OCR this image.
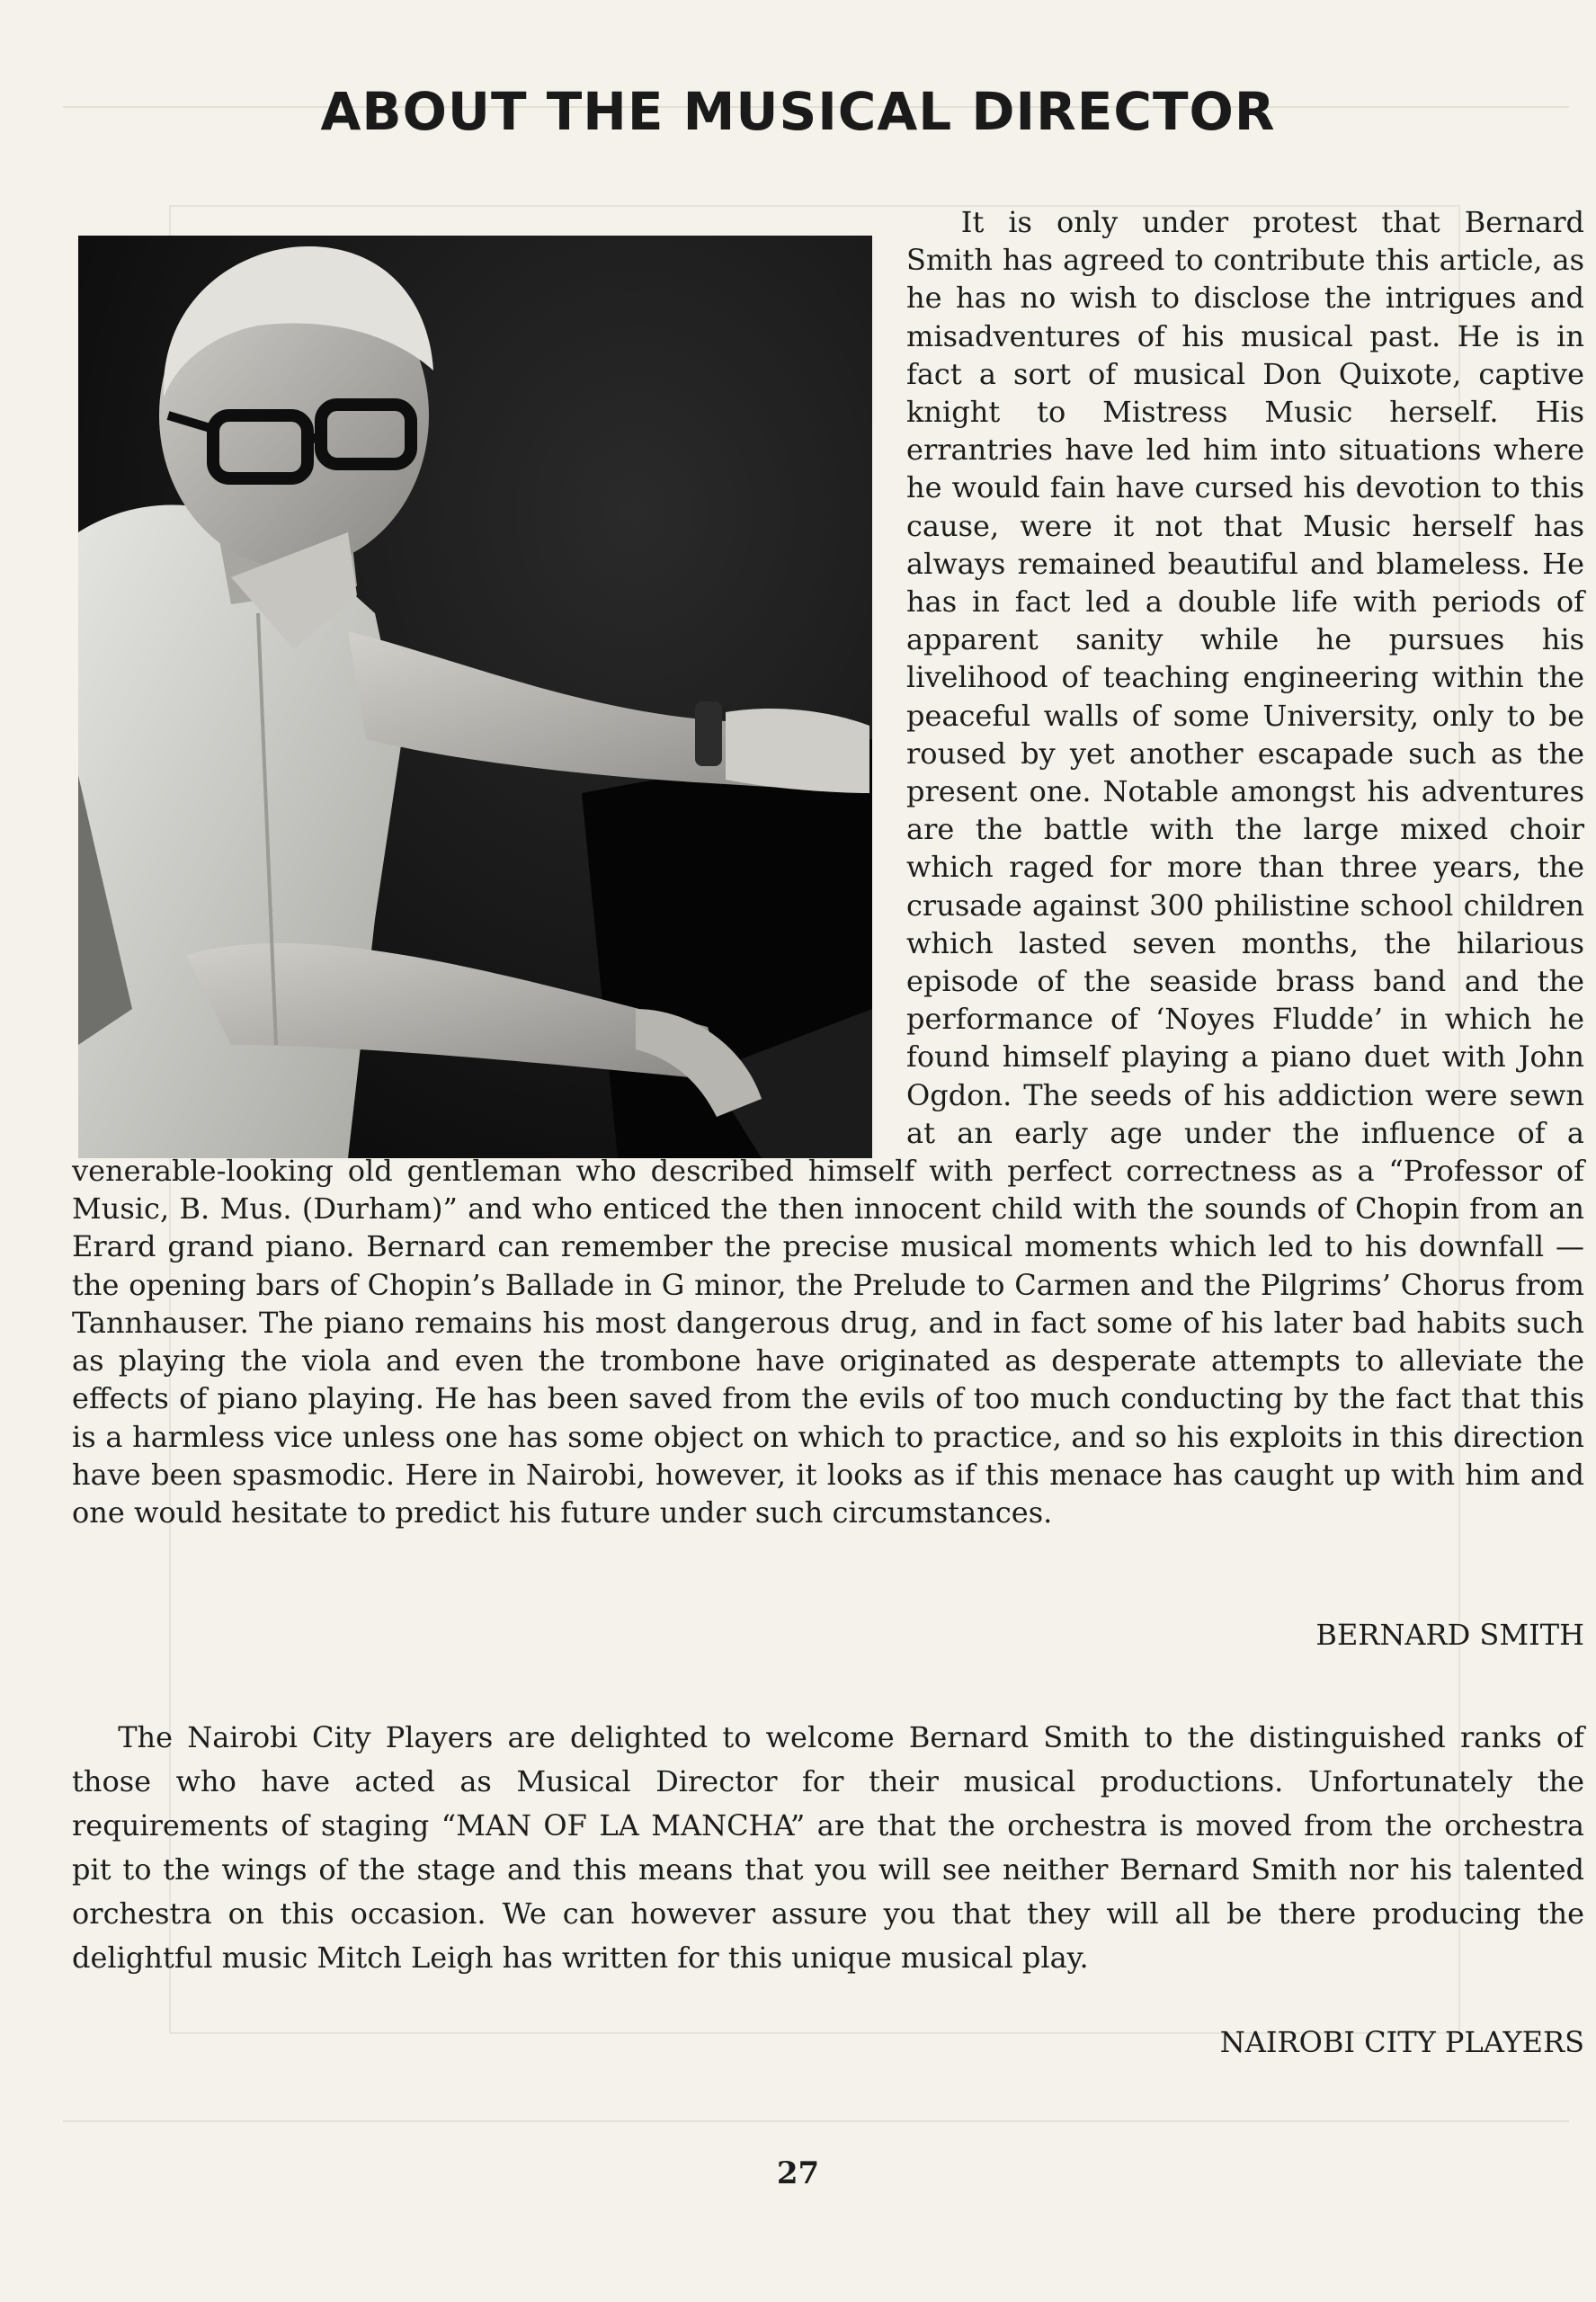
ABOUT THE MUSICAL DIRECTOR

It is only under protest that Bernard Smith has agreed to contribute this article, as he has no wish to disclose the intrigues and misadventures of his musical past. He is in fact a sort of musical Don Quixote, captive knight to Mistress Music herself. His errantries have led him into situations where he would fain have cursed his devotion to this cause, were it not that Music herself has always remained beautiful and blameless. He has in fact led a double life with periods of apparent sanity while he pursues his livelihood of teaching engineering within the peaceful walls of some University, only to be roused by yet another escapade such as the present one. Notable amongst his adventures are the battle with the large mixed choir which raged for more than three years, the crusade against 300 philistine school children which lasted seven months, the hilarious episode of the seaside brass band and the performance of ‘Noyes Fludde’ in which he found himself playing a piano duet with John Ogdon. The seeds of his addiction were sewn at an early age under the influence of a venerable-looking old gentleman who described himself with perfect correctness as a “Professor of Music, B. Mus. (Durham)” and who enticed the then innocent child with the sounds of Chopin from an Erard grand piano. Bernard can remember the precise musical moments which led to his downfall — the opening bars of Chopin’s Ballade in G minor, the Prelude to Carmen and the Pilgrims’ Chorus from Tannhauser. The piano remains his most dangerous drug, and in fact some of his later bad habits such as playing the viola and even the trombone have originated as desperate attempts to alleviate the effects of piano playing. He has been saved from the evils of too much conducting by the fact that this is a harmless vice unless one has some object on which to practice, and so his exploits in this direction have been spasmodic. Here in Nairobi, however, it looks as if this menace has caught up with him and one would hesitate to predict his future under such circumstances.

BERNARD SMITH

The Nairobi City Players are delighted to welcome Bernard Smith to the distinguished ranks of those who have acted as Musical Director for their musical productions. Unfortunately the requirements of staging “MAN OF LA MANCHA” are that the orchestra is moved from the orchestra pit to the wings of the stage and this means that you will see neither Bernard Smith nor his talented orchestra on this occasion. We can however assure you that they will all be there producing the delightful music Mitch Leigh has written for this unique musical play.

NAIROBI CITY PLAYERS

27
